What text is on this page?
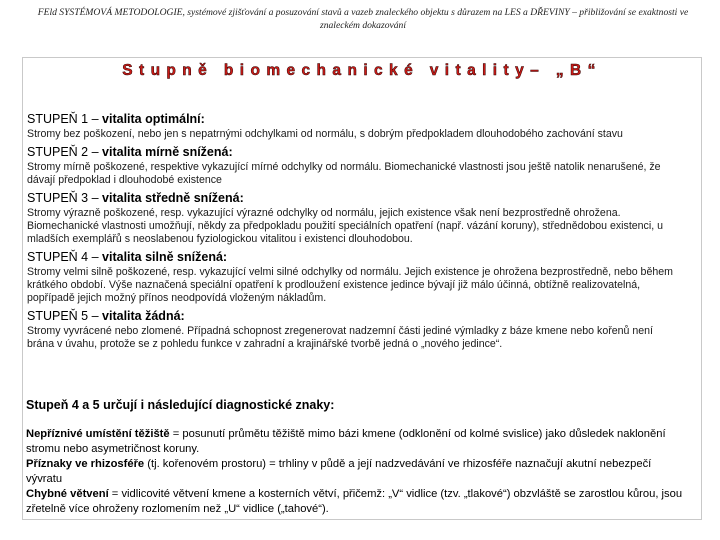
FEld SYSTÉMOVÁ METODOLOGIE, systémové zjišťování a posuzování stavů a vazeb znaleckého objektu s důrazem na LES a DŘEVINY – přibližování se exaktnosti ve znaleckém dokazování
Stupně biomechanické vitality– „B“

STUPEŇ 1 – vitalita optimální:

Stromy bez poškození, nebo jen s nepatrnými odchylkami od normálu, s dobrým předpokladem dlouhodobého zachování stavu

STUPEŇ 2 – vitalita mírně snížená:

Stromy mírně poškozené, respektive vykazující mírné odchylky od normálu. Biomechanické vlastnosti jsou ještě natolik nenarušené, že dávají předpoklad i dlouhodobé existence

STUPEŇ 3 – vitalita středně snížená:

Stromy výrazně poškozené, resp. vykazující výrazné odchylky od normálu, jejich existence však není bezprostředně ohrožena. Biomechanické vlastnosti umožňují, někdy za předpokladu použití speciálních opatření (např. vázání koruny), střednědobou existenci, u mladších exemplářů s neoslabenou fyziologickou vitalitou i existenci dlouhodobou.

STUPEŇ 4 – vitalita silně snížená:

Stromy velmi silně poškozené, resp. vykazující velmi silné odchylky od normálu. Jejich existence je ohrožena bezprostředně, nebo během krátkého období. Výše naznačená speciální opatření k prodloužení existence jedince bývají již málo účinná, obtížně realizovatelná, popřípadě jejich možný přínos neodpovídá vloženým nákladům.

STUPEŇ 5 – vitalita žádná:

Stromy vyvrácené nebo zlomené. Případná schopnost zregenerovat nadzemní části jediné výmladky z báze kmene nebo kořenů není brána v úvahu, protože se z pohledu funkce v zahradní a krajinářské tvorbě jedná o „nového jedince“.

Stupeň 4 a 5 určují i následující diagnostické znaky:
Nepříznivé umístění těžiště = posunutí průmětu těžiště mimo bázi kmene (odklonění od kolmé svislice) jako důsledek naklonění stromu nebo asymetričnost koruny.
Příznaky ve rhizosféře (tj. kořenovém prostoru) = trhliny v půdě a její nadzvedávání ve rhizosféře naznačují akutní nebezpečí vývratu
Chybné větvení = vidlicovité větvení kmene a kosterních větví, přičemž: „V“ vidlice (tzv. „tlakové“) obzvláště se zarostlou kůrou, jsou zřetelně více ohroženy rozlomením než „U“ vidlice („tahové“).
